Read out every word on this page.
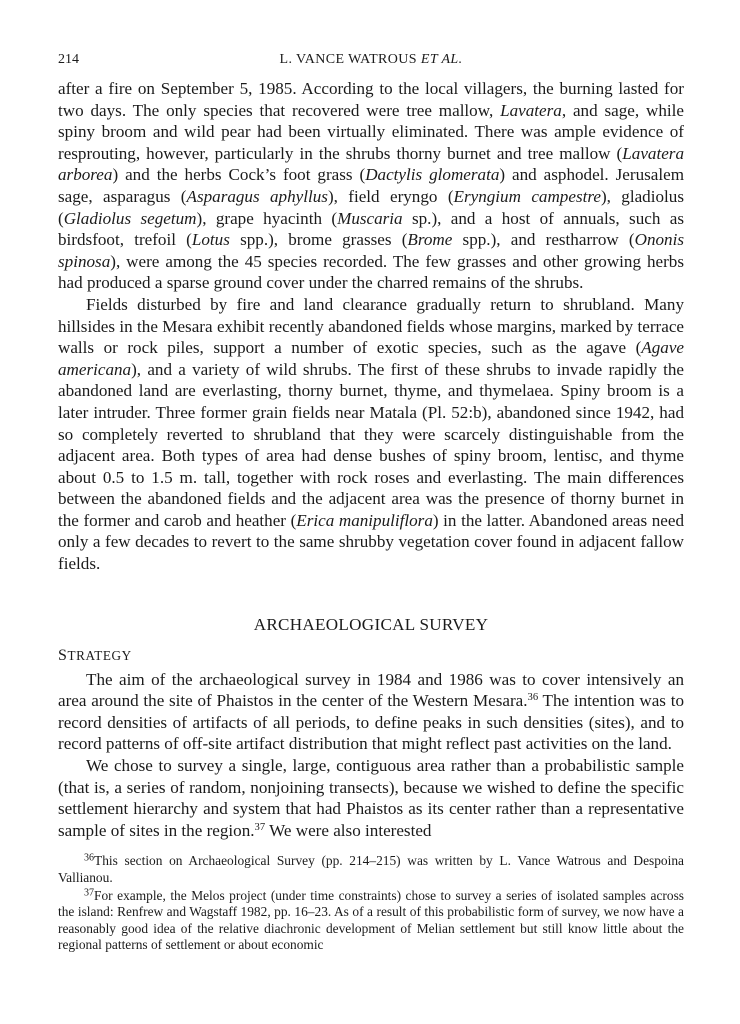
214	L. VANCE WATROUS ET AL.

after a fire on September 5, 1985. According to the local villagers, the burning lasted for two days. The only species that recovered were tree mallow, Lavatera, and sage, while spiny broom and wild pear had been virtually eliminated. There was ample evidence of resprouting, however, particularly in the shrubs thorny burnet and tree mallow (Lavatera arborea) and the herbs Cock’s foot grass (Dactylis glomerata) and asphodel. Jerusalem sage, asparagus (Asparagus aphyllus), field eryngo (Eryngium campestre), gladiolus (Gladiolus segetum), grape hyacinth (Muscaria sp.), and a host of annuals, such as birdsfoot, trefoil (Lotus spp.), brome grasses (Brome spp.), and restharrow (Ononis spinosa), were among the 45 species recorded. The few grasses and other growing herbs had produced a sparse ground cover under the charred remains of the shrubs.

Fields disturbed by fire and land clearance gradually return to shrubland. Many hillsides in the Mesara exhibit recently abandoned fields whose margins, marked by terrace walls or rock piles, support a number of exotic species, such as the agave (Agave americana), and a variety of wild shrubs. The first of these shrubs to invade rapidly the abandoned land are everlasting, thorny burnet, thyme, and thymelaea. Spiny broom is a later intruder. Three former grain fields near Matala (Pl. 52:b), abandoned since 1942, had so completely reverted to shrubland that they were scarcely distinguishable from the adjacent area. Both types of area had dense bushes of spiny broom, lentisc, and thyme about 0.5 to 1.5 m. tall, together with rock roses and everlasting. The main differences between the abandoned fields and the adjacent area was the presence of thorny burnet in the former and carob and heather (Erica manipuliflora) in the latter. Abandoned areas need only a few decades to revert to the same shrubby vegetation cover found in adjacent fallow fields.

ARCHAEOLOGICAL SURVEY
STRATEGY

The aim of the archaeological survey in 1984 and 1986 was to cover intensively an area around the site of Phaistos in the center of the Western Mesara.$^{36}$ The intention was to record densities of artifacts of all periods, to define peaks in such densities (sites), and to record patterns of off-site artifact distribution that might reflect past activities on the land.

We chose to survey a single, large, contiguous area rather than a probabilistic sample (that is, a series of random, nonjoining transects), because we wished to define the specific settlement hierarchy and system that had Phaistos as its center rather than a representative sample of sites in the region.$^{37}$ We were also interested

$^{36}$This section on Archaeological Survey (pp. 214–215) was written by L. Vance Watrous and Despoina Vallianou.

$^{37}$For example, the Melos project (under time constraints) chose to survey a series of isolated samples across the island: Renfrew and Wagstaff 1982, pp. 16–23. As of a result of this probabilistic form of survey, we now have a reasonably good idea of the relative diachronic development of Melian settlement but still know little about the regional patterns of settlement or about economic
